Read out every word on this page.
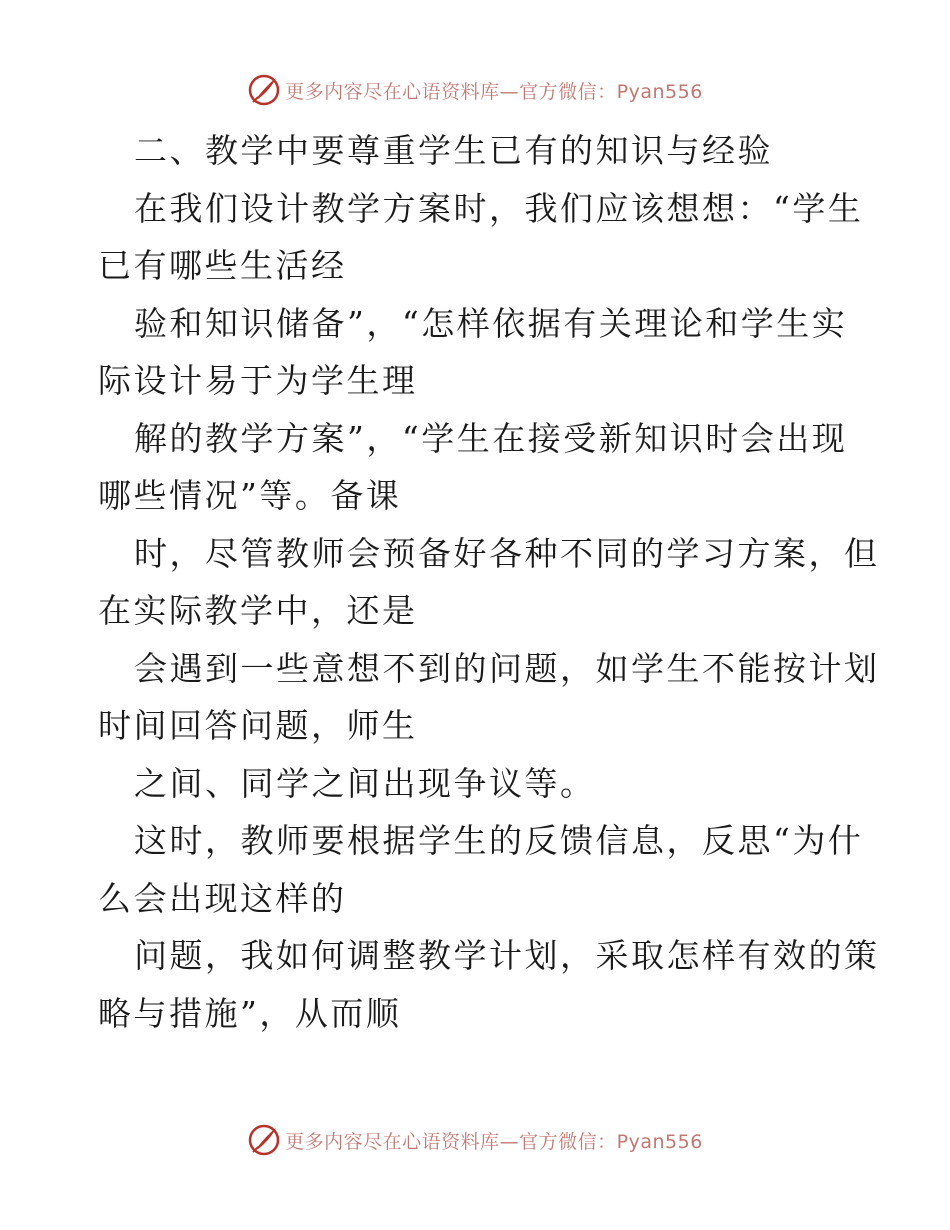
更多内容尽在心语资料库—官方微信：Pyan556
二、教学中要尊重学生已有的知识与经验
在我们设计教学方案时，我们应该想想：“学生
已有哪些生活经
验和知识储备”，“怎样依据有关理论和学生实
际设计易于为学生理
解的教学方案”，“学生在接受新知识时会出现
哪些情况”等。备课
时，尽管教师会预备好各种不同的学习方案，但
在实际教学中，还是
会遇到一些意想不到的问题，如学生不能按计划
时间回答问题，师生
之间、同学之间出现争议等。
这时，教师要根据学生的反馈信息，反思“为什
么会出现这样的
问题，我如何调整教学计划，采取怎样有效的策
略与措施”，从而顺
更多内容尽在心语资料库—官方微信：Pyan556
